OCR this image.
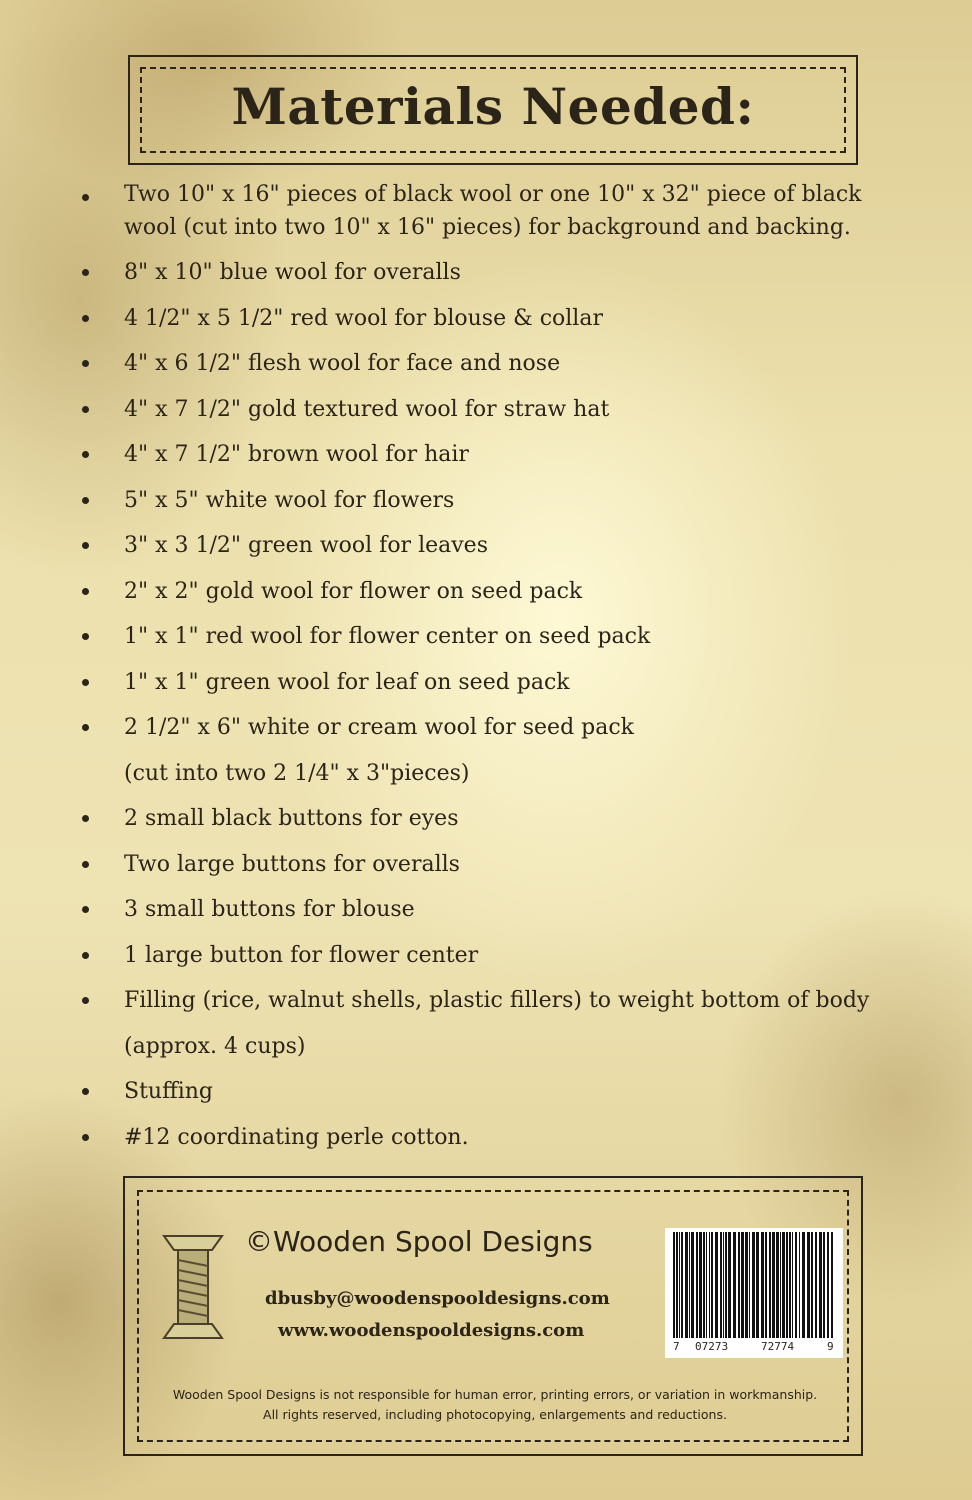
Materials Needed:
Two 10" x 16" pieces of black wool or one 10" x 32" piece of black wool (cut into two 10" x 16" pieces) for background and backing.
8" x 10" blue wool for overalls
4 1/2" x 5 1/2" red wool for blouse & collar
4" x 6 1/2" flesh wool for face and nose
4" x 7 1/2" gold textured wool for straw hat
4" x 7 1/2" brown wool for hair
5" x 5" white wool for flowers
3" x 3 1/2" green wool for leaves
2" x 2" gold wool for flower on seed pack
1" x 1" red wool for flower center on seed pack
1" x 1" green wool for leaf on seed pack
2 1/2" x 6" white or cream wool for seed pack
(cut into two 2 1/4" x 3"pieces)
2 small black buttons for eyes
Two large buttons for overalls
3 small buttons for blouse
1 large button for flower center
Filling (rice, walnut shells, plastic fillers) to weight bottom of body
(approx. 4 cups)
Stuffing
#12 coordinating perle cotton.
©Wooden Spool Designs
dbusby@woodenspooldesigns.com
www.woodenspooldesigns.com
7 07273	72774	9
Wooden Spool Designs is not responsible for human error, printing errors, or variation in workmanship. All rights reserved, including photocopying, enlargements and reductions.
